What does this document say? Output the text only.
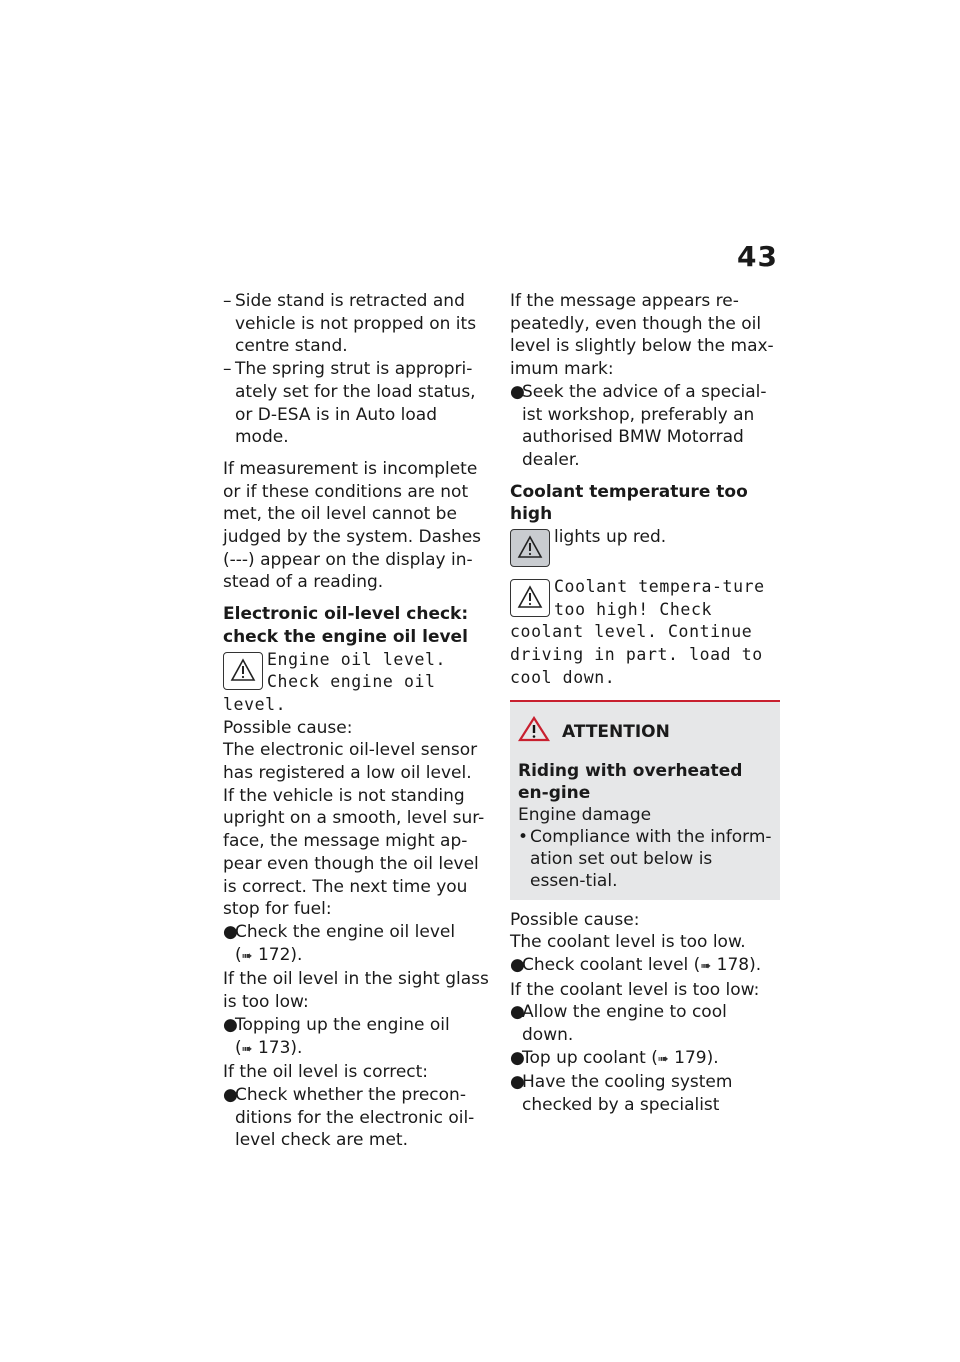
43
– Side stand is retracted and vehicle is not propped on its centre stand.
– The spring strut is appropri-ately set for the load status, or D-ESA is in Auto load mode.

If measurement is incomplete or if these conditions are not met, the oil level cannot be judged by the system. Dashes (---) appear on the display in-stead of a reading.

Electronic oil-level check: check the engine oil level

Engine oil level. Check engine oil level.

Possible cause:

The electronic oil-level sensor has registered a low oil level.

If the vehicle is not standing upright on a smooth, level sur-face, the message might ap-pear even though the oil level is correct. The next time you stop for fuel:

●
Check the engine oil level
(➠ 172).

If the oil level in the sight glass is too low:

●
Topping up the engine oil
(➠ 173).

If the oil level is correct:

●
Check whether the precon-ditions for the electronic oil-level check are met.

If the message appears re-peatedly, even though the oil level is slightly below the max-imum mark:

●
Seek the advice of a special-ist workshop, preferably an authorised BMW Motorrad dealer.

Coolant temperature too high

lights up red.
Coolant tempera-ture too high! Check coolant level. Continue driving in part. load to cool down.
ATTENTION

Riding with overheated en-gine

Engine damage

• Compliance with the inform-ation set out below is essen-tial.

Possible cause:

The coolant level is too low.

●
Check coolant level (➠ 178).

If the coolant level is too low:

●
Allow the engine to cool down.
●
Top up coolant (➠ 179).
●
Have the cooling system checked by a specialist
